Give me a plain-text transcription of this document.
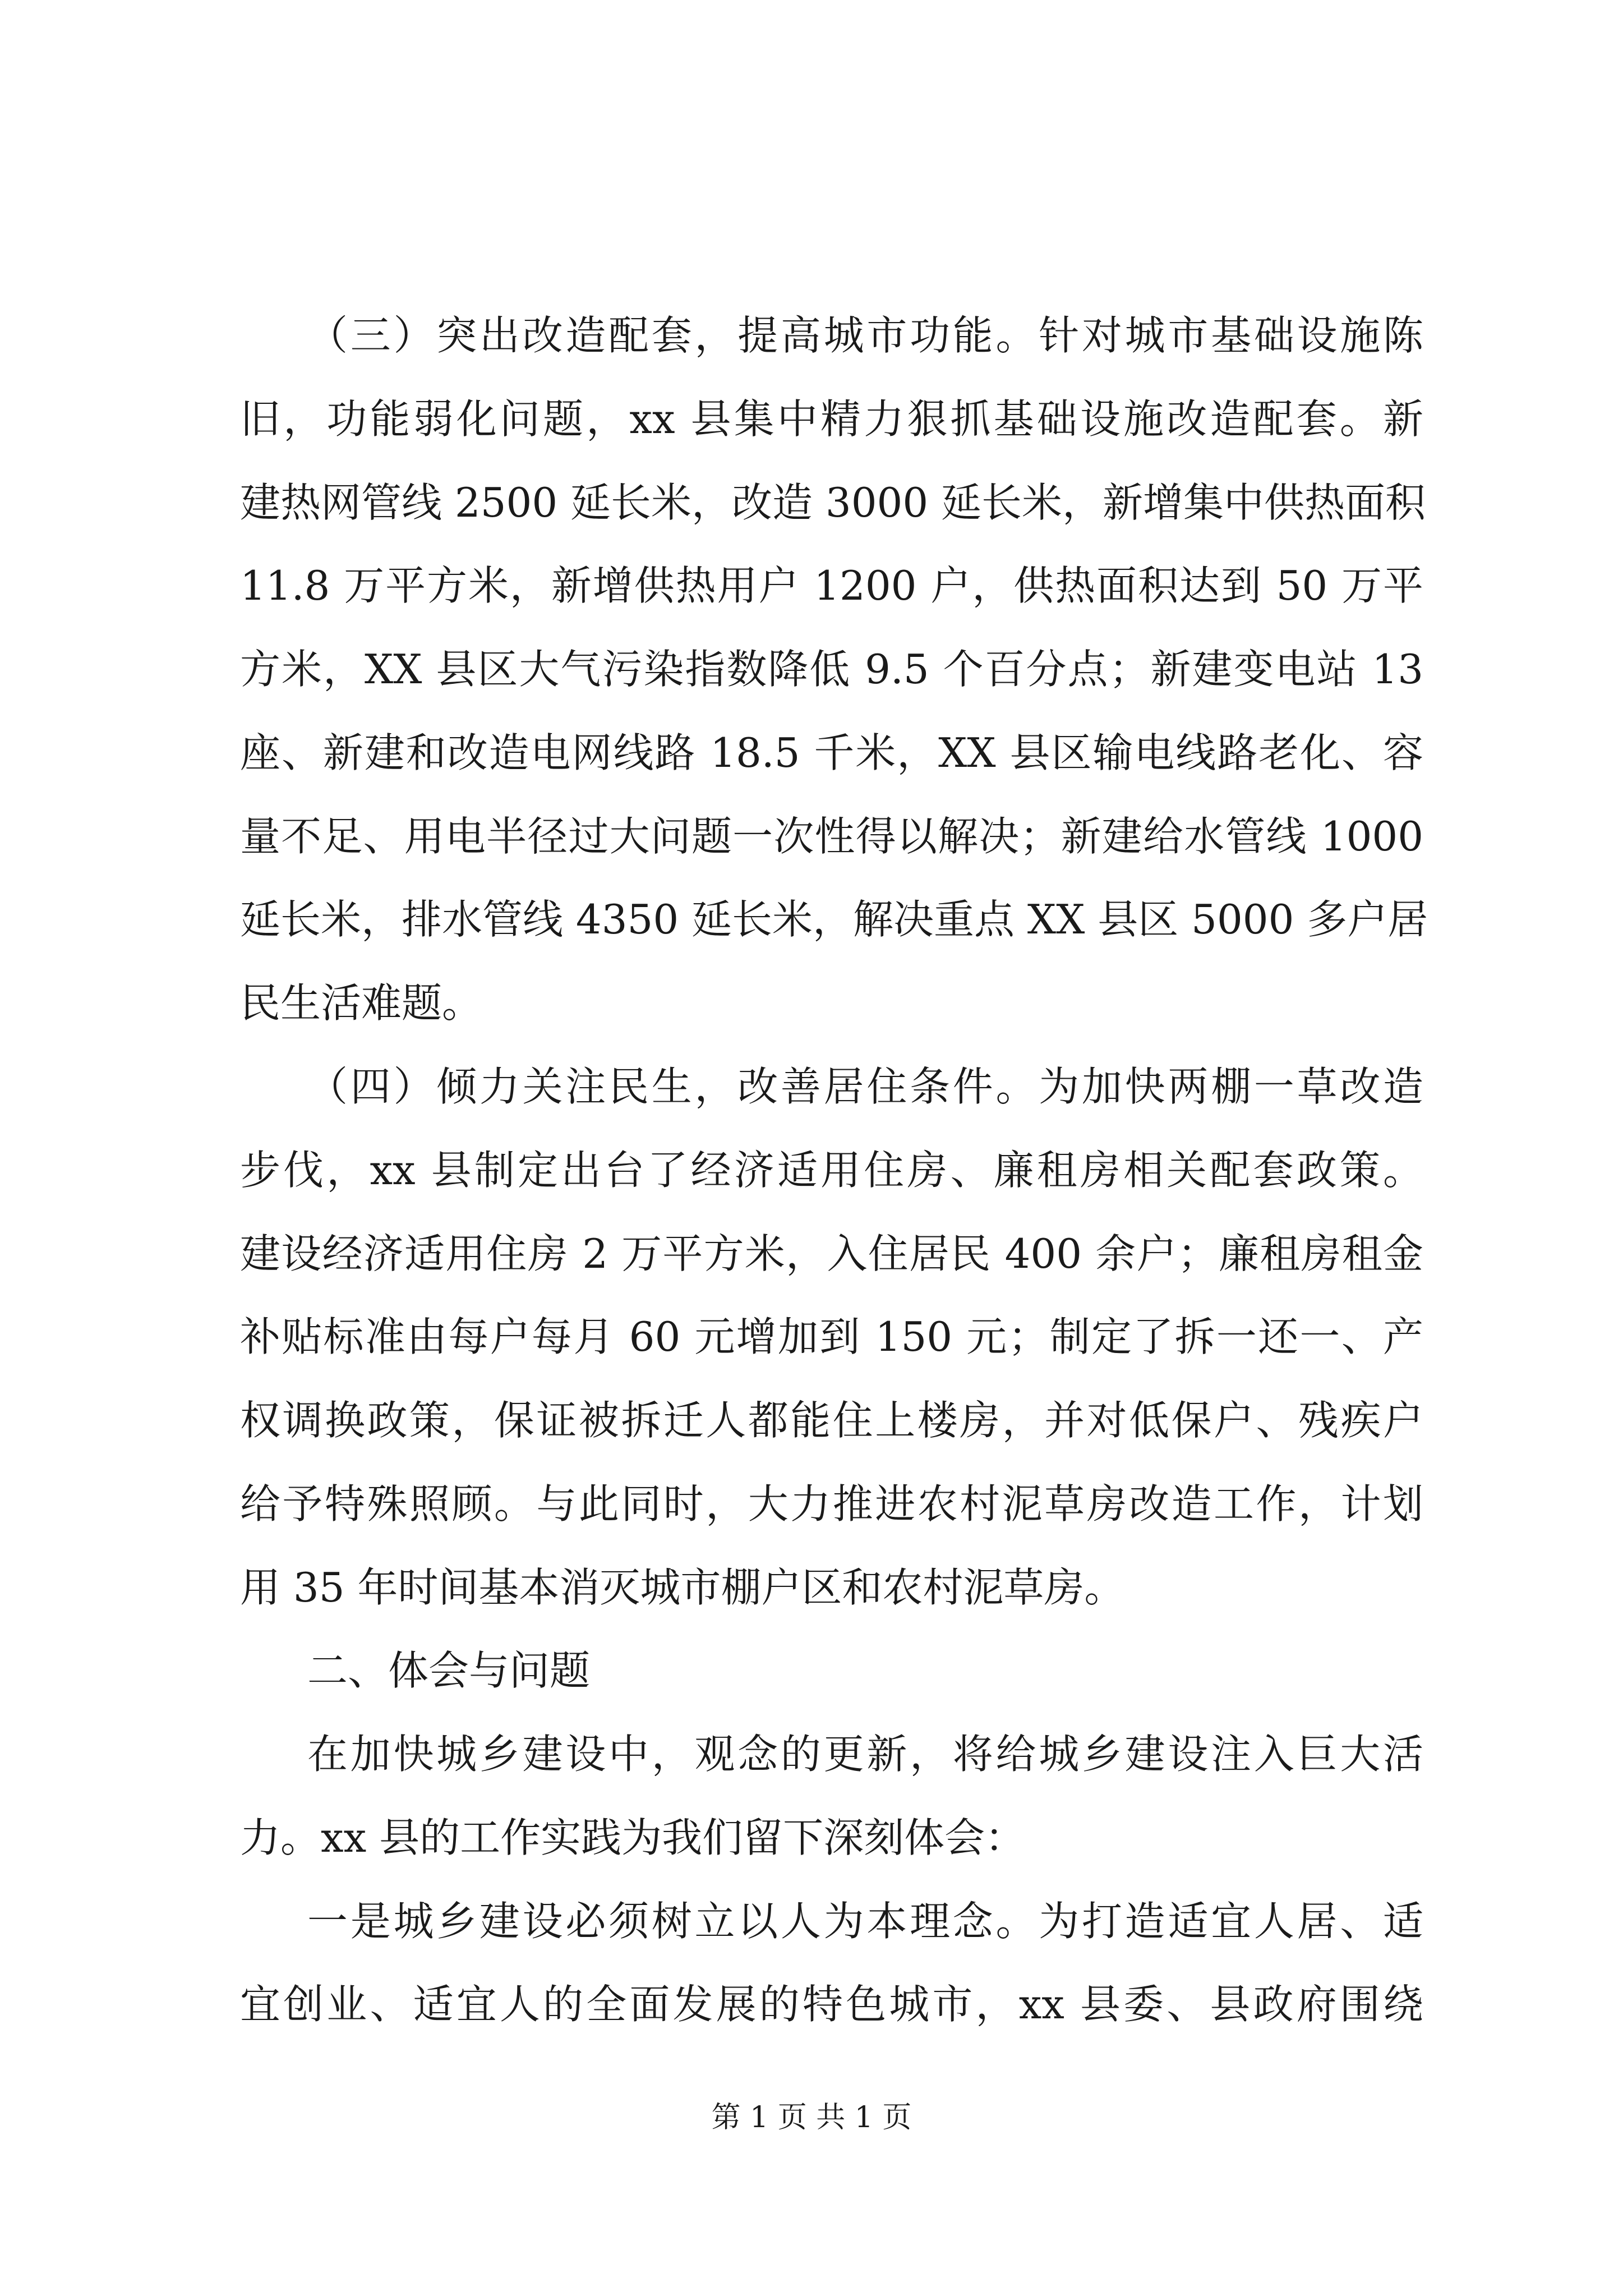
（三）突出改造配套，提高城市功能。针对城市基础设施陈
旧，功能弱化问题，xx 县集中精力狠抓基础设施改造配套。新
建热网管线 2500 延长米，改造 3000 延长米，新增集中供热面积
11.8 万平方米，新增供热用户 1200 户，供热面积达到 50 万平
方米，XX 县区大气污染指数降低 9.5 个百分点；新建变电站 13
座、新建和改造电网线路 18.5 千米，XX 县区输电线路老化、容
量不足、用电半径过大问题一次性得以解决；新建给水管线 1000
延长米，排水管线 4350 延长米，解决重点 XX 县区 5000 多户居
民生活难题。
（四）倾力关注民生，改善居住条件。为加快两棚一草改造
步伐，xx 县制定出台了经济适用住房、廉租房相关配套政策。
建设经济适用住房 2 万平方米，入住居民 400 余户；廉租房租金
补贴标准由每户每月 60 元增加到 150 元；制定了拆一还一、产
权调换政策，保证被拆迁人都能住上楼房，并对低保户、残疾户
给予特殊照顾。与此同时，大力推进农村泥草房改造工作，计划
用 35 年时间基本消灭城市棚户区和农村泥草房。
二、体会与问题
在加快城乡建设中，观念的更新，将给城乡建设注入巨大活
力。xx 县的工作实践为我们留下深刻体会：
一是城乡建设必须树立以人为本理念。为打造适宜人居、适
宜创业、适宜人的全面发展的特色城市，xx 县委、县政府围绕
第 1 页 共 1 页
